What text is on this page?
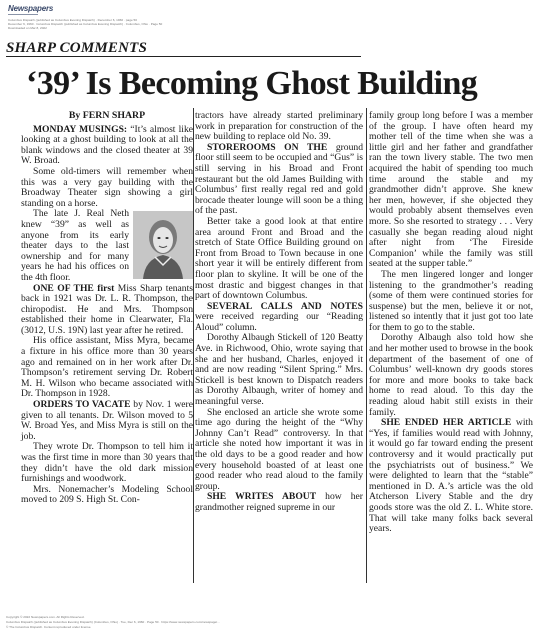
Newspapers
Columbus Dispatch (published as Columbus Evening Dispatch) · December 6, 1960 · page 50
December 6, 1960 · Columbus Dispatch (published as Columbus Evening Dispatch) · Columbus, Ohio · Page 50
Downloaded on Mar 8, 2022
SHARP COMMENTS
‘39’ Is Becoming Ghost Building
By FERN SHARP

MONDAY MUSINGS: “It’s almost like looking at a ghost building to look at all the blank windows and the closed theater at 39 W. Broad.

Some old-timers will remember when this was a very gay building with the Broadway Theater sign showing a girl standing on a horse.

The late J. Real Neth knew “39” as well as anyone from its early theater days to the last ownership and for many years he had his offices on the 4th floor.

ONE OF THE first Miss Sharp tenants back in 1921 was Dr. L. R. Thompson, the chiropodist. He and Mrs. Thompson established their home in Clearwater, Fla. (3012, U.S. 19N) last year after he retired.

His office assistant, Miss Myra, became a fixture in his office more than 30 years ago and remained on in her work after Dr. Thompson’s retirement serving Dr. Robert M. H. Wilson who became associated with Dr. Thompson in 1928.

ORDERS TO VACATE by Nov. 1 were given to all tenants. Dr. Wilson moved to 5 W. Broad Yes, and Miss Myra is still on the job.

They wrote Dr. Thompson to tell him it was the first time in more than 30 years that they didn’t have the old dark mission furnishings and woodwork.

Mrs. Nonemacher’s Modeling School moved to 209 S. High St. Con-

tractors have already started preliminary work in preparation for construction of the new building to replace old No. 39.

STOREROOMS ON THE ground floor still seem to be occupied and “Gus” is still serving in his Broad and Front restaurant but the old James Building with Columbus’ first really regal red and gold brocade theater lounge will soon be a thing of the past.

Better take a good look at that entire area around Front and Broad and the stretch of State Office Building ground on Front from Broad to Town because in one short year it will be entirely different from floor plan to skyline. It will be one of the most drastic and biggest changes in that part of downtown Columbus.

SEVERAL CALLS AND NOTES were received regarding our “Reading Aloud” column.

Dorothy Albaugh Stickell of 120 Beatty Ave. in Richwood, Ohio, wrote saying that she and her husband, Charles, enjoyed it and are now reading “Silent Spring.” Mrs. Stickell is best known to Dispatch readers as Dorothy Albaugh, writer of homey and meaningful verse.

She enclosed an article she wrote some time ago during the height of the “Why Johnny Can’t Read” controversy. In that article she noted how important it was in the old days to be a good reader and how every household boasted of at least one good reader who read aloud to the family group.

SHE WRITES ABOUT how her grandmother reigned supreme in our

family group long before I was a member of the group. I have often heard my mother tell of the time when she was a little girl and her father and grandfather ran the town livery stable. The two men acquired the habit of spending too much time around the stable and my grandmother didn’t approve. She knew her men, however, if she objected they would probably absent themselves even more. So she resorted to strategy . . . Very casually she began reading aloud night after night from ‘The Fireside Companion’ while the family was still seated at the supper table.”

The men lingered longer and longer listening to the grandmother’s reading (some of them were continued stories for suspense) but the men, believe it or not, listened so intently that it just got too late for them to go to the stable.

Dorothy Albaugh also told how she and her mother used to browse in the book department of the basement of one of Columbus’ well-known dry goods stores for more and more books to take back home to read aloud. To this day the reading aloud habit still exists in their family.

SHE ENDED HER ARTICLE with “Yes, if families would read with Johnny, it would go far toward ending the present controversy and it would practically put the psychiatrists out of business.” We were delighted to learn that the “stable” mentioned in D. A.’s article was the old Atcherson Livery Stable and the dry goods store was the old Z. L. White store. That will take many folks back several years.

Copyright © 2022 Newspapers.com. All Rights Reserved.
Columbus Dispatch (published as Columbus Evening Dispatch) (Columbus, Ohio) · Tue, Dec 6, 1960 · Page 50 · https://www.newspapers.com/newspage/...
© The Columbus Dispatch. Content reproduced under license.
